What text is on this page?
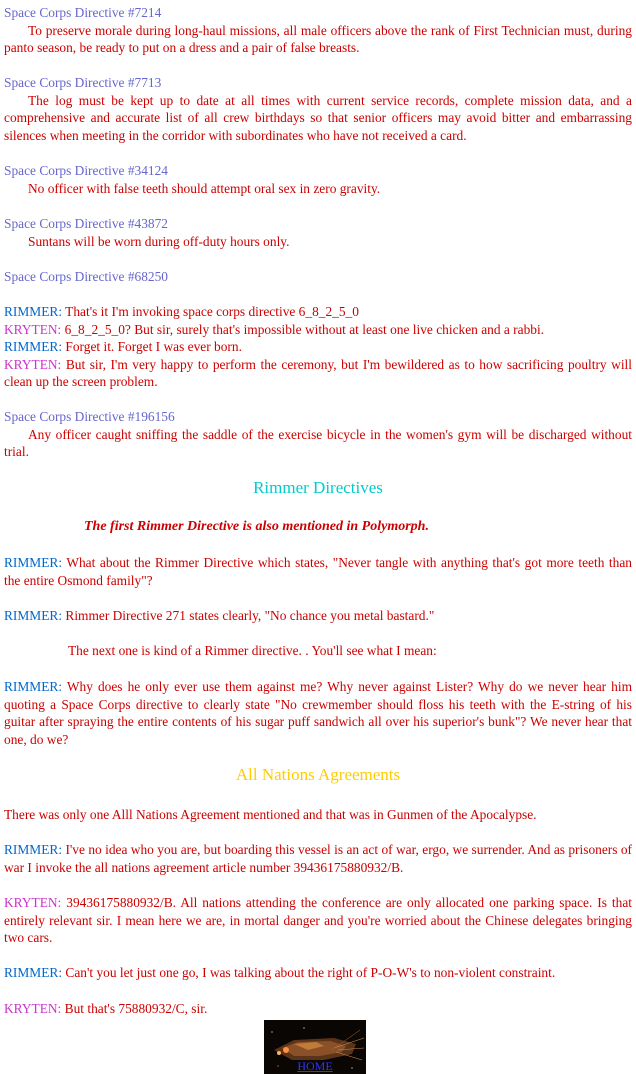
Space Corps Directive #7214

To preserve morale during long-haul missions, all male officers above the rank of First Technician must, during panto season, be ready to put on a dress and a pair of false breasts.

Space Corps Directive #7713

The log must be kept up to date at all times with current service records, complete mission data, and a comprehensive and accurate list of all crew birthdays so that senior officers may avoid bitter and embarrassing silences when meeting in the corridor with subordinates who have not received a card.

Space Corps Directive #34124

No officer with false teeth should attempt oral sex in zero gravity.

Space Corps Directive #43872

Suntans will be worn during off-duty hours only.

Space Corps Directive #68250

RIMMER: That's it I'm invoking space corps directive 6_8_2_5_0

KRYTEN: 6_8_2_5_0? But sir, surely that's impossible without at least one live chicken and a rabbi.

RIMMER: Forget it. Forget I was ever born.

KRYTEN: But sir, I'm very happy to perform the ceremony, but I'm bewildered as to how sacrificing poultry will clean up the screen problem.

Space Corps Directive #196156

Any officer caught sniffing the saddle of the exercise bicycle in the women's gym will be discharged without trial.

Rimmer Directives
The first Rimmer Directive is also mentioned in Polymorph.

RIMMER: What about the Rimmer Directive which states, "Never tangle with anything that's got more teeth than the entire Osmond family"?

RIMMER: Rimmer Directive 271 states clearly, "No chance you metal bastard."

The next one is kind of a Rimmer directive. . You'll see what I mean:

RIMMER: Why does he only ever use them against me? Why never against Lister? Why do we never hear him quoting a Space Corps directive to clearly state "No crewmember should floss his teeth with the E-string of his guitar after spraying the entire contents of his sugar puff sandwich all over his superior's bunk"? We never hear that one, do we?

All Nations Agreements

There was only one Alll Nations Agreement mentioned and that was in Gunmen of the Apocalypse.

RIMMER: I've no idea who you are, but boarding this vessel is an act of war, ergo, we surrender. And as prisoners of war I invoke the all nations agreement article number 39436175880932/B.

KRYTEN: 39436175880932/B. All nations attending the conference are only allocated one parking space. Is that entirely relevant sir. I mean here we are, in mortal danger and you're worried about the Chinese delegates bringing two cars.

RIMMER: Can't you let just one go, I was talking about the right of P-O-W's to non-violent constraint.

KRYTEN: But that's 75880932/C, sir.

HOME
